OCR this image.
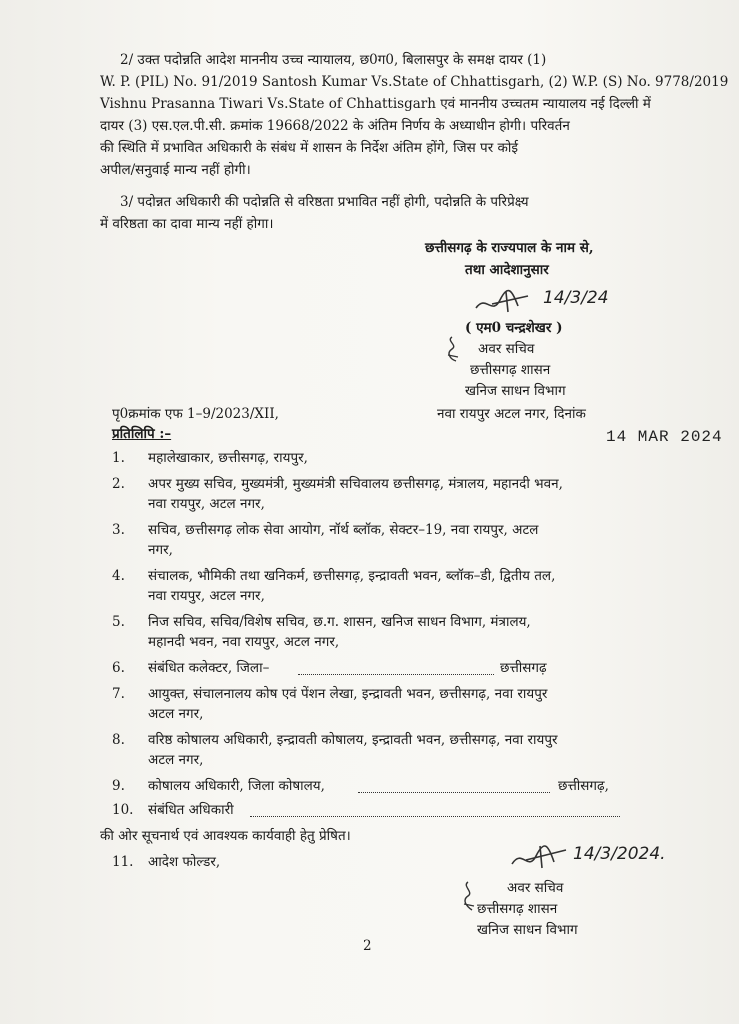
2/ उक्त पदोन्नति आदेश माननीय उच्च न्यायालय, छ0ग0, बिलासपुर के समक्ष दायर (1)
W. P. (PIL) No. 91/2019 Santosh Kumar Vs.State of Chhattisgarh, (2) W.P. (S) No. 9778/2019
Vishnu Prasanna Tiwari Vs.State of Chhattisgarh एवं माननीय उच्चतम न्यायालय नई दिल्ली में
दायर (3) एस.एल.पी.सी. क्रमांक 19668/2022 के अंतिम निर्णय के अध्याधीन होगी। परिवर्तन
की स्थिति में प्रभावित अधिकारी के संबंध में शासन के निर्देश अंतिम होंगे, जिस पर कोई
अपील/सनुवाई मान्य नहीं होगी।
3/ पदोन्नत अधिकारी की पदोन्नति से वरिष्ठता प्रभावित नहीं होगी, पदोन्नति के परिप्रेक्ष्य
में वरिष्ठता का दावा मान्य नहीं होगा।
छत्तीसगढ़ के राज्यपाल के नाम से,
तथा आदेशानुसार
14/3/24
( एम0 चन्द्रशेखर )
अवर सचिव
छत्तीसगढ़ शासन
खनिज साधन विभाग
पृ0क्रमांक एफ 1–9/2023/XII,	नवा रायपुर अटल नगर, दिनांक
14 MAR 2024
प्रतिलिपि :–
1.	महालेखाकार, छत्तीसगढ़, रायपुर,
2.	अपर मुख्य सचिव, मुख्यमंत्री, मुख्यमंत्री सचिवालय छत्तीसगढ़, मंत्रालय, महानदी भवन,
नवा रायपुर, अटल नगर,
3.	सचिव, छत्तीसगढ़ लोक सेवा आयोग, नॉर्थ ब्लॉक, सेक्टर–19, नवा रायपुर, अटल
नगर,
4.	संचालक, भौमिकी तथा खनिकर्म, छत्तीसगढ़, इन्द्रावती भवन, ब्लॉक–डी, द्वितीय तल,
नवा रायपुर, अटल नगर,
5.	निज सचिव, सचिव/विशेष सचिव, छ.ग. शासन, खनिज साधन विभाग, मंत्रालय,
महानदी भवन, नवा रायपुर, अटल नगर,
6.	संबंधित कलेक्टर, जिला–	छत्तीसगढ़
7.	आयुक्त, संचालनालय कोष एवं पेंशन लेखा, इन्द्रावती भवन, छत्तीसगढ़, नवा रायपुर
अटल नगर,
8.	वरिष्ठ कोषालय अधिकारी, इन्द्रावती कोषालय, इन्द्रावती भवन, छत्तीसगढ़, नवा रायपुर
अटल नगर,
9.	कोषालय अधिकारी, जिला कोषालय,	छत्तीसगढ़,
10.	संबंधित अधिकारी
की ओर सूचनार्थ एवं आवश्यक कार्यवाही हेतु प्रेषित।
11.	आदेश फोल्डर,	14/3/2024.
अवर सचिव
छत्तीसगढ़ शासन
खनिज साधन विभाग
2
